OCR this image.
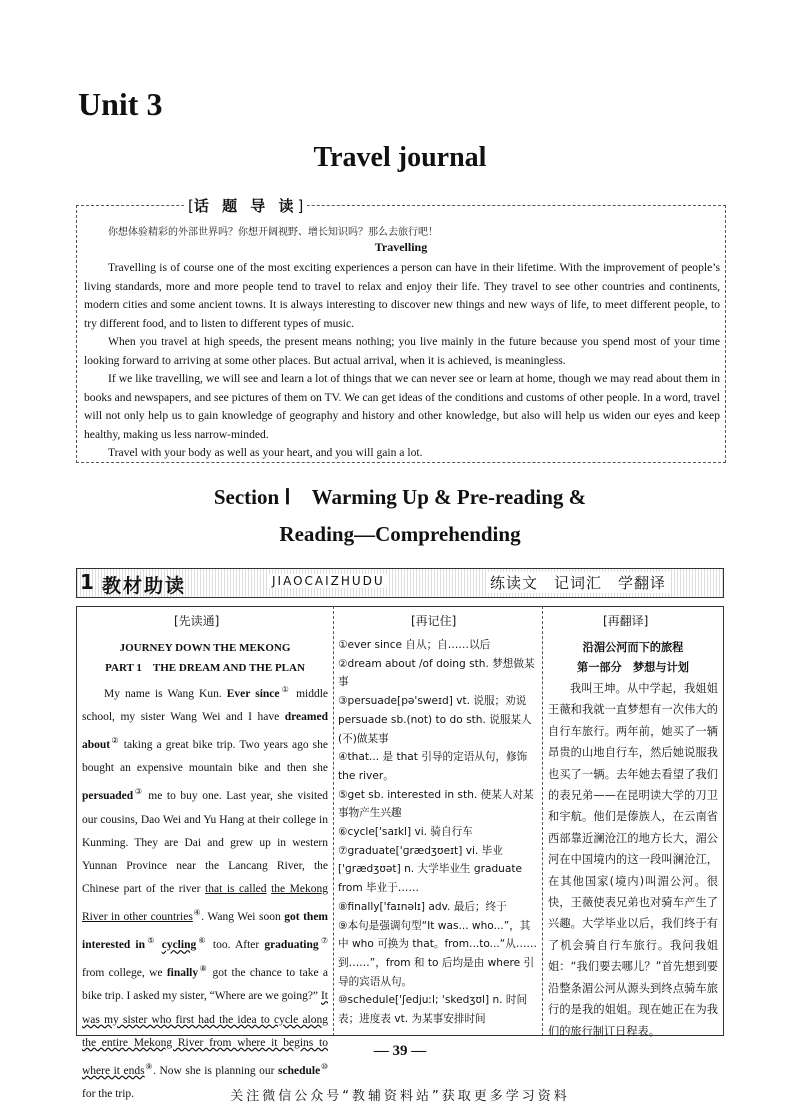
Unit 3
Travel journal
[话 题 导 读]
你想体验精彩的外部世界吗？你想开阔视野、增长知识吗？那么去旅行吧！
Travelling

Travelling is of course one of the most exciting experiences a person can have in their lifetime. With the improvement of people’s living standards, more and more people tend to travel to relax and enjoy their life. They travel to see other countries and continents, modern cities and some ancient towns. It is always interesting to discover new things and new ways of life, to meet different people, to try different food, and to listen to different types of music.

When you travel at high speeds, the present means nothing; you live mainly in the future because you spend most of your time looking forward to arriving at some other places. But actual arrival, when it is achieved, is meaningless.

If we like travelling, we will see and learn a lot of things that we can never see or learn at home, though we may read about them in books and newspapers, and see pictures of them on TV. We can get ideas of the conditions and customs of other people. In a word, travel will not only help us to gain knowledge of geography and history and other knowledge, but also will help us widen our eyes and keep healthy, making us less narrow-minded.

Travel with your body as well as your heart, and you will gain a lot.

Section Ⅰ　Warming Up & Pre-reading &
Reading—Comprehending
1 教材助读	JIAOCAIZHUDU	练读文　记词汇　学翻译
[先读通]	[再记住]	[再翻译]
JOURNEY DOWN THE MEKONG
PART 1　THE DREAM AND THE PLAN
My name is Wang Kun. Ever since① middle school, my sister Wang Wei and I have dreamed about② taking a great bike trip. Two years ago she bought an expensive mountain bike and then she persuaded③ me to buy one. Last year, she visited our cousins, Dao Wei and Yu Hang at their college in Kunming. They are Dai and grew up in western Yunnan Province near the Lancang River, the Chinese part of the river that is called the Mekong River in other countries④. Wang Wei soon got them interested in⑤ cycling⑥ too. After graduating⑦ from college, we finally⑧ got the chance to take a bike trip. I asked my sister, “Where are we going?” It was my sister who first had the idea to cycle along the entire Mekong River from where it begins to where it ends⑨. Now she is planning our schedule⑩ for the trip.
①ever since 自从；自……以后
②dream about /of doing sth. 梦想做某事
③persuade[pə'sweɪd] vt. 说服；劝说 persuade sb.(not) to do sth. 说服某人(不)做某事
④that... 是 that 引导的定语从句，修饰 the river。
⑤get sb. interested in sth. 使某人对某事物产生兴趣
⑥cycle['saɪkl] vi. 骑自行车
⑦graduate['ɡrædʒʊeɪt] vi. 毕业 ['ɡrædʒʊət] n. 大学毕业生 graduate from 毕业于……
⑧finally['faɪnəlɪ] adv. 最后；终于
⑨本句是强调句型“It was... who...”，其中 who 可换为 that。from...to...“从……到……”，from 和 to 后均是由 where 引导的宾语从句。
⑩schedule['ʃedjuːl; 'skedʒʊl] n. 时间表；进度表 vt. 为某事安排时间
沿湄公河而下的旅程
第一部分　梦想与计划
我叫王坤。从中学起，我姐姐王薇和我就一直梦想有一次伟大的自行车旅行。两年前，她买了一辆昂贵的山地自行车，然后她说服我也买了一辆。去年她去看望了我们的表兄弟——在昆明读大学的刀卫和宇航。他们是傣族人，在云南省西部靠近澜沧江的地方长大，湄公河在中国境内的这一段叫澜沧江，在其他国家(境内)叫湄公河。很快，王薇使表兄弟也对骑车产生了兴趣。大学毕业以后，我们终于有了机会骑自行车旅行。我问我姐姐：“我们要去哪儿？”首先想到要沿整条湄公河从源头到终点骑车旅行的是我的姐姐。现在她正在为我们的旅行制订日程表。
— 39 —
关注微信公众号“教辅资料站”获取更多学习资料
